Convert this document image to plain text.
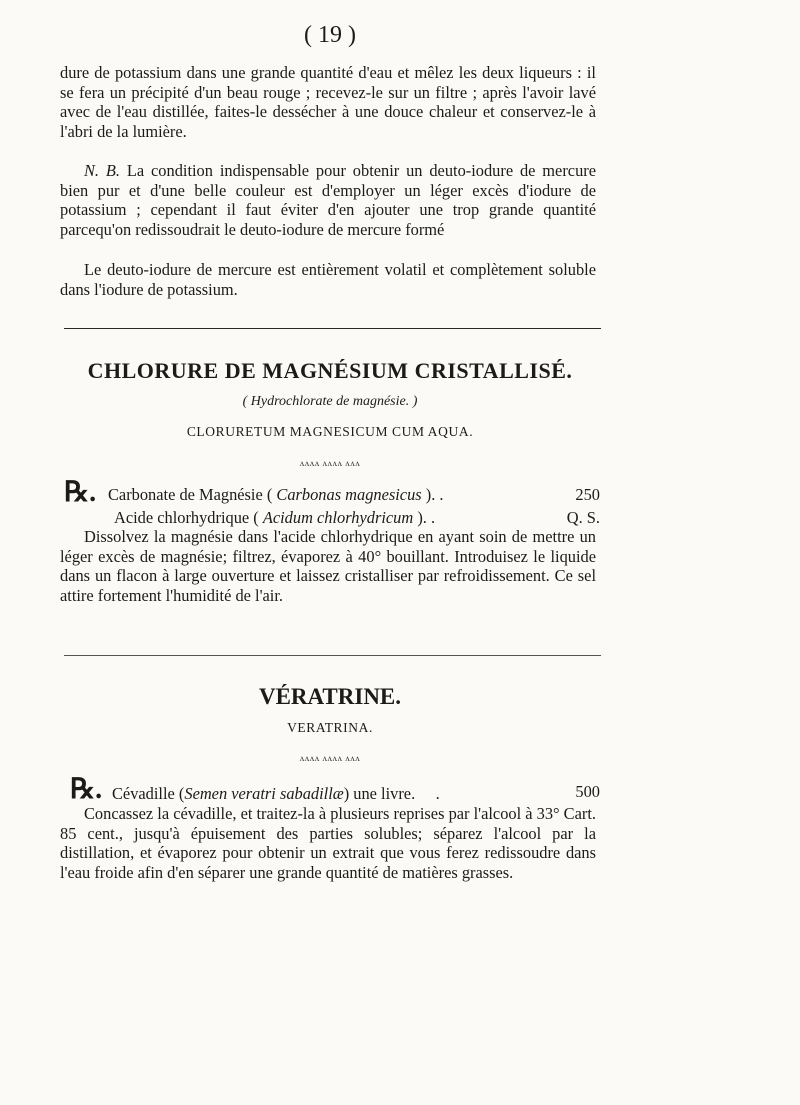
( 19 )
dure de potassium dans une grande quantité d'eau et mêlez les deux liqueurs : il se fera un précipité d'un beau rouge ; recevez-le sur un filtre ; après l'avoir lavé avec de l'eau distillée, faites-le dessécher à une douce chaleur et conservez-le à l'abri de la lumière.
N. B. La condition indispensable pour obtenir un deuto-iodure de mercure bien pur et d'une belle couleur est d'employer un léger excès d'iodure de potassium ; cependant il faut éviter d'en ajouter une trop grande quantité parcequ'on redissoudrait le deuto-iodure de mercure formé
Le deuto-iodure de mercure est entièrement volatil et complètement soluble dans l'iodure de potassium.
CHLORURE DE MAGNÉSIUM CRISTALLISÉ.
( Hydrochlorate de magnésie. )
CLORURETUM MAGNESICUM CUM AQUA.
ʌʌʌʌ ʌʌʌʌ ʌʌʌ
℞. Carbonate de Magnésie ( Carbonas magnesicus ). .	250
Acide chlorhydrique ( Acidum chlorhydricum ). .	Q. S.
Dissolvez la magnésie dans l'acide chlorhydrique en ayant soin de mettre un léger excès de magnésie; filtrez, évaporez à 40° bouillant. Introduisez le liquide dans un flacon à large ouverture et laissez cristalliser par refroidissement. Ce sel attire fortement l'humidité de l'air.
VÉRATRINE.
VERATRINA.
ʌʌʌʌ ʌʌʌʌ ʌʌʌ
℞. Cévadille (Semen veratri sabadillæ) une livre.     .	500
Concassez la cévadille, et traitez-la à plusieurs reprises par l'alcool à 33° Cart. 85 cent., jusqu'à épuisement des parties solubles; séparez l'alcool par la distillation, et évaporez pour obtenir un extrait que vous ferez redissoudre dans l'eau froide afin d'en séparer une grande quantité de matières grasses.
